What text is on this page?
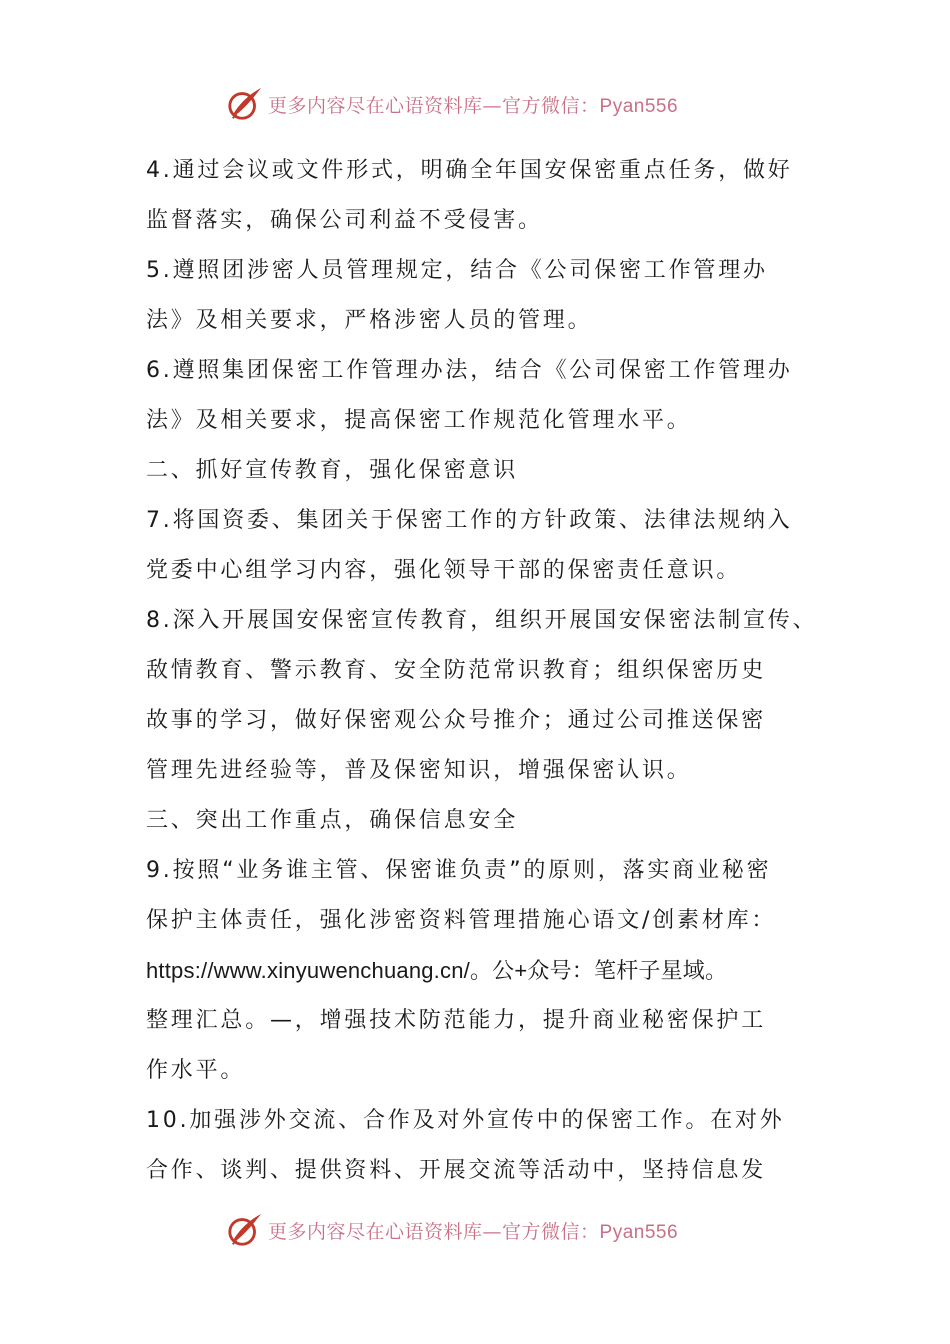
更多内容尽在心语资料库—官方微信：Pyan556
4.通过会议或文件形式，明确全年国安保密重点任务，做好
监督落实，确保公司利益不受侵害。
5.遵照团涉密人员管理规定，结合《公司保密工作管理办
法》及相关要求，严格涉密人员的管理。
6.遵照集团保密工作管理办法，结合《公司保密工作管理办
法》及相关要求，提高保密工作规范化管理水平。
二、抓好宣传教育，强化保密意识
7.将国资委、集团关于保密工作的方针政策、法律法规纳入
党委中心组学习内容，强化领导干部的保密责任意识。
8.深入开展国安保密宣传教育，组织开展国安保密法制宣传、
敌情教育、警示教育、安全防范常识教育；组织保密历史
故事的学习，做好保密观公众号推介；通过公司推送保密
管理先进经验等，普及保密知识，增强保密认识。
三、突出工作重点，确保信息安全
9.按照“业务谁主管、保密谁负责”的原则，落实商业秘密
保护主体责任，强化涉密资料管理措施心语文/创素材库：
https://www.xinyuwenchuang.cn/。公+众号：笔杆子星域。
整理汇总。—，增强技术防范能力，提升商业秘密保护工
作水平。
10.加强涉外交流、合作及对外宣传中的保密工作。在对外
合作、谈判、提供资料、开展交流等活动中，坚持信息发
更多内容尽在心语资料库—官方微信：Pyan556
